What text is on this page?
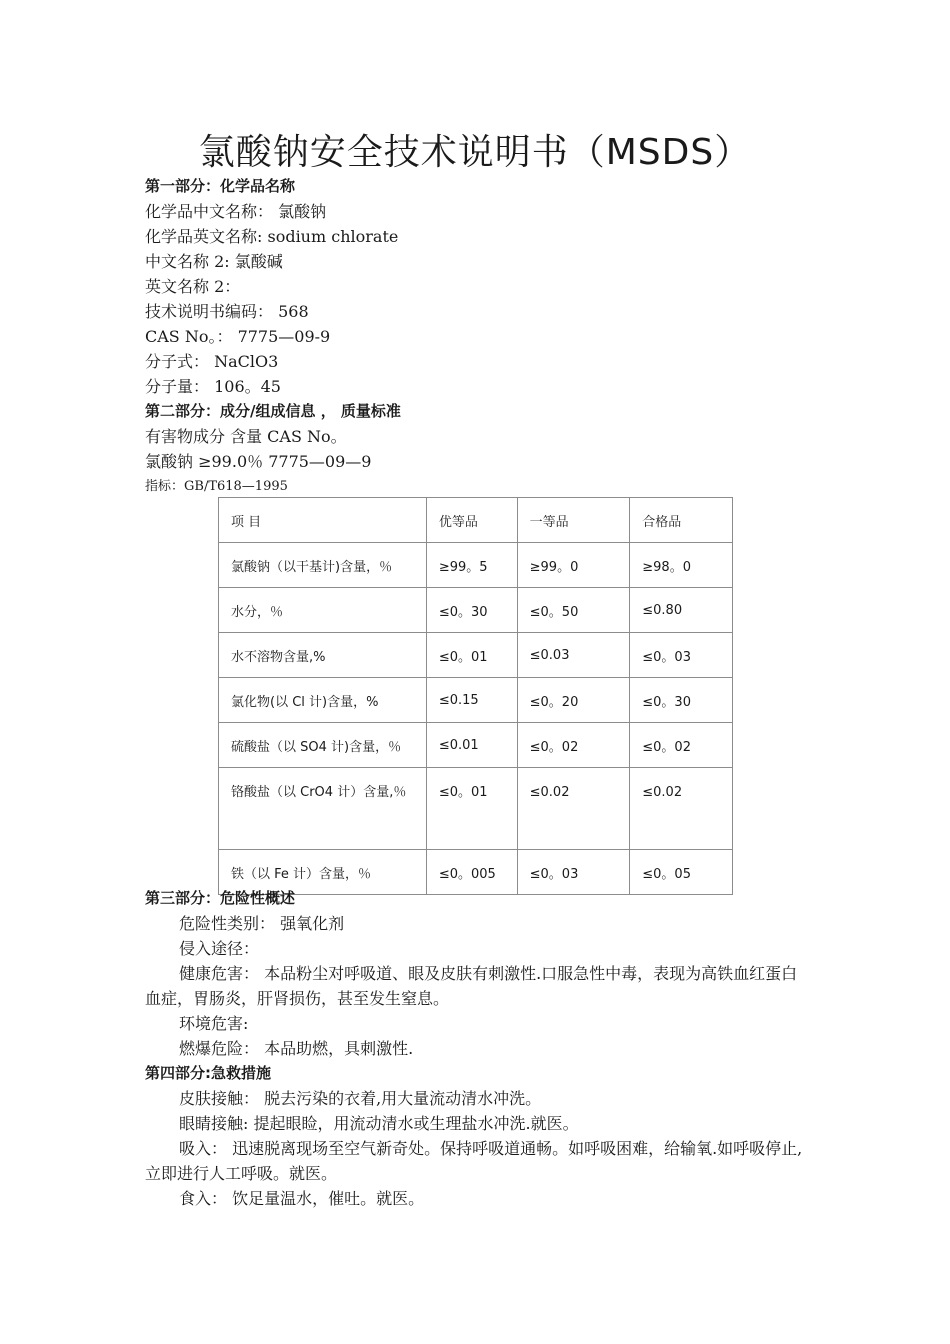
氯酸钠安全技术说明书（MSDS）
第一部分：化学品名称
化学品中文名称： 氯酸钠
化学品英文名称: sodium chlorate
中文名称 2: 氯酸碱
英文名称 2：
技术说明书编码： 568
CAS No。： 7775—09-9
分子式： NaClO3
分子量： 106。45
第二部分：成分/组成信息 ， 质量标准
有害物成分 含量 CAS No。
氯酸钠 ≥99.0％ 7775—09—9
指标：GB/T618—1995
项 目	优等品	一等品	合格品
氯酸钠（以干基计)含量，％	≥99。5	≥99。0	≥98。0
水分，％	≤0。30	≤0。50	≤0.80
水不溶物含量,%	≤0。01	≤0.03	≤0。03
氯化物(以 Cl 计)含量，%	≤0.15	≤0。20	≤0。30
硫酸盐（以 SO4 计)含量，％	≤0.01	≤0。02	≤0。02
铬酸盐（以 CrO4 计）含量,％	≤0。01	≤0.02	≤0.02
铁（以 Fe 计）含量，％	≤0。005	≤0。03	≤0。05
第三部分：危险性概述
危险性类别： 强氧化剂
侵入途径：
健康危害： 本品粉尘对呼吸道、眼及皮肤有刺激性.口服急性中毒，表现为高铁血红蛋白血症，胃肠炎，肝肾损伤，甚至发生窒息。
环境危害:
燃爆危险： 本品助燃，具刺激性.
第四部分:急救措施
皮肤接触： 脱去污染的衣着,用大量流动清水冲洗。
眼睛接触: 提起眼睑，用流动清水或生理盐水冲洗.就医。
吸入： 迅速脱离现场至空气新奇处。保持呼吸道通畅。如呼吸困难，给输氧.如呼吸停止,立即进行人工呼吸。就医。
食入： 饮足量温水，催吐。就医。
